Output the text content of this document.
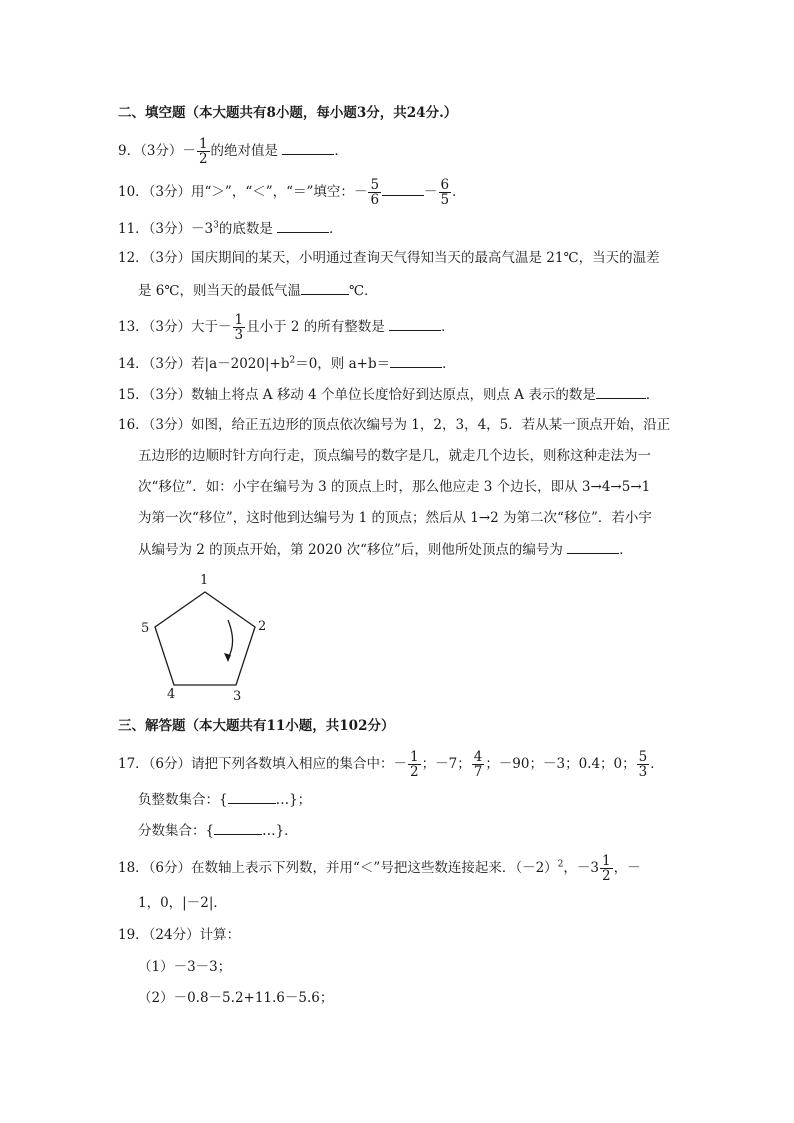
二、填空题（本大题共有8小题，每小题3分，共24分.）
9．（3分）－ $\frac{1}{2}$ 的绝对值是	．
10．（3分）用“＞”，“＜”，“＝”填空：－ $\frac{5}{6}$	－ $\frac{6}{5}$ ．
11．（3分）$-3^3$的底数是	．
12．（3分）国庆期间的某天，小明通过查询天气得知当天的最高气温是 21℃，当天的温差
是 6℃，则当天的最低气温	℃．
13．（3分）大于－ $\frac{1}{3}$ 且小于 2 的所有整数是	．
14．（3分）若$|a-2020|+b^2=0$，则 a+b＝	．
15．（3分）数轴上将点 A 移动 4 个单位长度恰好到达原点，则点 A 表示的数是	．
16．（3分）如图，给正五边形的顶点依次编号为 1，2，3，4，5．若从某一顶点开始，沿正
五边形的边顺时针方向行走，顶点编号的数字是几，就走几个边长，则称这种走法为一
次“移位”．如：小宇在编号为 3 的顶点上时，那么他应走 3 个边长，即从 3→4→5→1
为第一次“移位”，这时他到达编号为 1 的顶点；然后从 1→2 为第二次“移位”．若小宇
从编号为 2 的顶点开始，第 2020 次“移位”后，则他所处顶点的编号为	．
1
2
3
4
5
三、解答题（本大题共有11小题，共102分）
17．（6分）请把下列各数填入相应的集合中：－ $\frac{1}{2}$ ；－7； $\frac{4}{7}$ ；－90；－3；0.4；0； $\frac{5}{3}$ ．
负整数集合：{	…}；
分数集合：{	…}．
18．（6分）在数轴上表示下列数，并用“＜”号把这些数连接起来．$(-2)^2$，$-3 \frac{1}{2}$ ，－
1，0，|－2|．
19．（24分）计算：
（1）－3－3；
（2）－0.8－5.2+11.6－5.6；
